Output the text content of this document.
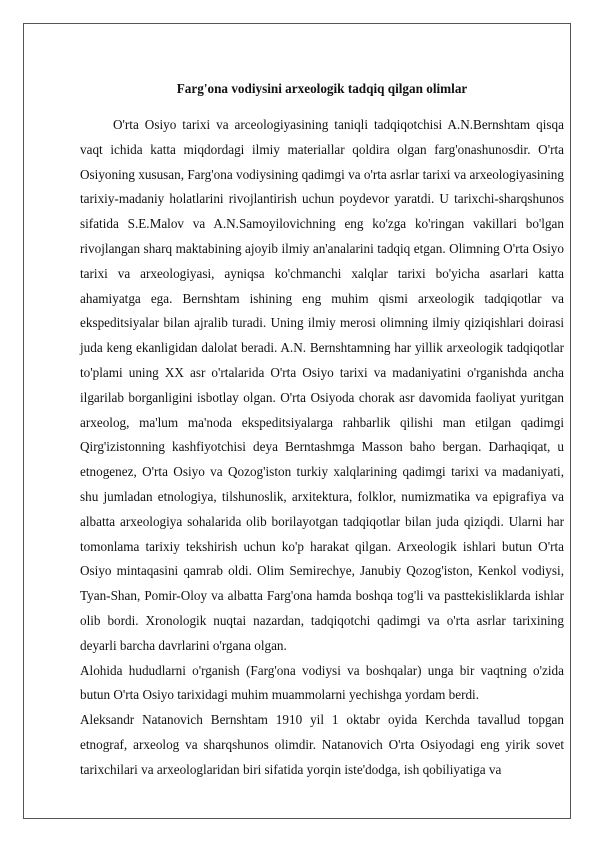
Farg'ona vodiysini arxeologik tadqiq qilgan olimlar

O'rta Osiyo tarixi va arceologiyasining taniqli tadqiqotchisi A.N.Bernshtam qisqa vaqt ichida katta miqdordagi ilmiy materiallar qoldira olgan farg'onashunosdir. O'rta Osiyoning xususan, Farg'ona vodiysining qadimgi va o'rta asrlar tarixi va arxeologiyasining tarixiy-madaniy holatlarini rivojlantirish uchun poydevor yaratdi. U tarixchi-sharqshunos sifatida S.E.Malov va A.N.Samoyilovichning eng ko'zga ko'ringan vakillari bo'lgan rivojlangan sharq maktabining ajoyib ilmiy an'analarini tadqiq etgan. Olimning O'rta Osiyo tarixi va arxeologiyasi, ayniqsa ko'chmanchi xalqlar tarixi bo'yicha asarlari katta ahamiyatga ega. Bernshtam ishining eng muhim qismi arxeologik tadqiqotlar va ekspeditsiyalar bilan ajralib turadi. Uning ilmiy merosi olimning ilmiy qiziqishlari doirasi juda keng ekanligidan dalolat beradi. A.N. Bernshtamning har yillik arxeologik tadqiqotlar to'plami uning XX asr o'rtalarida O'rta Osiyo tarixi va madaniyatini o'rganishda ancha ilgarilab borganligini isbotlay olgan. O'rta Osiyoda chorak asr davomida faoliyat yuritgan arxeolog, ma'lum ma'noda ekspeditsiyalarga rahbarlik qilishi man etilgan qadimgi Qirg'izistonning kashfiyotchisi deya Berntashmga Masson baho bergan. Darhaqiqat, u etnogenez, O'rta Osiyo va Qozog'iston turkiy xalqlarining qadimgi tarixi va madaniyati, shu jumladan etnologiya, tilshunoslik, arxitektura, folklor, numizmatika va epigrafiya va albatta arxeologiya sohalarida olib borilayotgan tadqiqotlar bilan juda qiziqdi. Ularni har tomonlama tarixiy tekshirish uchun ko'p harakat qilgan. Arxeologik ishlari butun O'rta Osiyo mintaqasini qamrab oldi. Olim Semirechye, Janubiy Qozog'iston, Kenkol vodiysi, Tyan-Shan, Pomir-Oloy va albatta Farg'ona hamda boshqa tog'li va pasttekisliklarda ishlar olib bordi. Xronologik nuqtai nazardan, tadqiqotchi qadimgi va o'rta asrlar tarixining deyarli barcha davrlarini o'rgana olgan.

Alohida hududlarni o'rganish (Farg'ona vodiysi va boshqalar) unga bir vaqtning o'zida butun O'rta Osiyo tarixidagi muhim muammolarni yechishga yordam berdi.

Aleksandr Natanovich Bernshtam 1910 yil 1 oktabr oyida Kerchda tavallud topgan etnograf, arxeolog va sharqshunos olimdir. Natanovich O'rta Osiyodagi eng yirik sovet tarixchilari va arxeologlaridan biri sifatida yorqin iste'dodga, ish qobiliyatiga va
